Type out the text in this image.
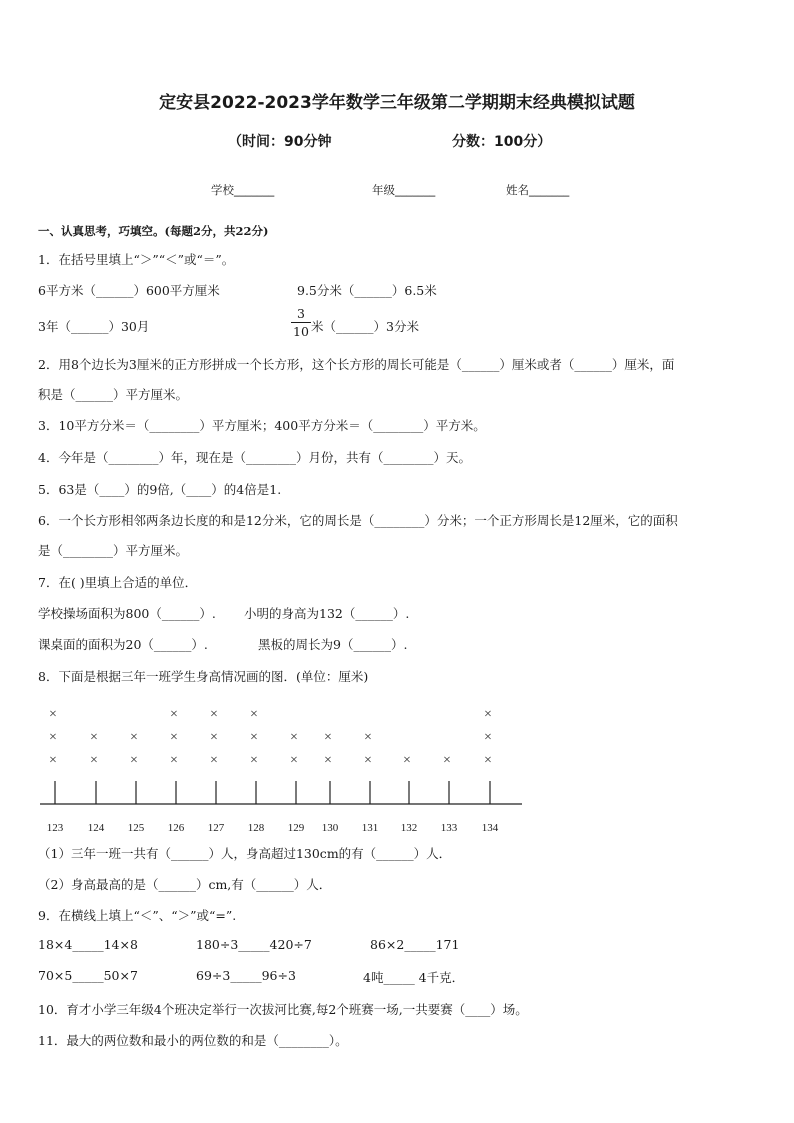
定安县2022-2023学年数学三年级第二学期期末经典模拟试题
（时间：90分钟	分数：100分）
学校_______	年级_______	姓名_______
一、认真思考，巧填空。(每题2分，共22分)
1．在括号里填上“＞”“＜”或“＝”。
6平方米（______）600平方厘米	9.5分米（______）6.5米
3年（______）30月
3
10 米（______）3分米
2．用8个边长为3厘米的正方形拼成一个长方形，这个长方形的周长可能是（______）厘米或者（______）厘米，面
积是（______）平方厘米。
3．10平方分米＝（________）平方厘米；400平方分米＝（________）平方米。
4．今年是（________）年，现在是（________）月份，共有（________）天。
5．63是（____）的9倍,（____）的4倍是1.
6．一个长方形相邻两条边长度的和是12分米，它的周长是（________）分米；一个正方形周长是12厘米，它的面积
是（________）平方厘米。
7．在( )里填上合适的单位．
学校操场面积为800（______）. 小明的身高为132（______）.
课桌面的面积为20（______）.	黑板的周长为9（______）.
8．下面是根据三年一班学生身高情况画的图．(单位：厘米)
123
×
×
×
124
×
×
125
×
×
126
×
×
×
127
×
×
×
128
×
×
×
129
×
×
130
×
×
131
×
×
132
×
133
×
134
×
×
×
（1）三年一班一共有（______）人，身高超过130cm的有（______）人．
（2）身高最高的是（______）cm,有（______）人．
9．在横线上填上“＜”、“＞”或“=”.
18×4_____14×8	180÷3_____420÷7	86×2_____171
70×5_____50×7	69÷3_____96÷3	4吨_____ 4千克．
10．育才小学三年级4个班决定举行一次拔河比赛,每2个班赛一场,一共要赛（____）场。
11．最大的两位数和最小的两位数的和是（________）。
